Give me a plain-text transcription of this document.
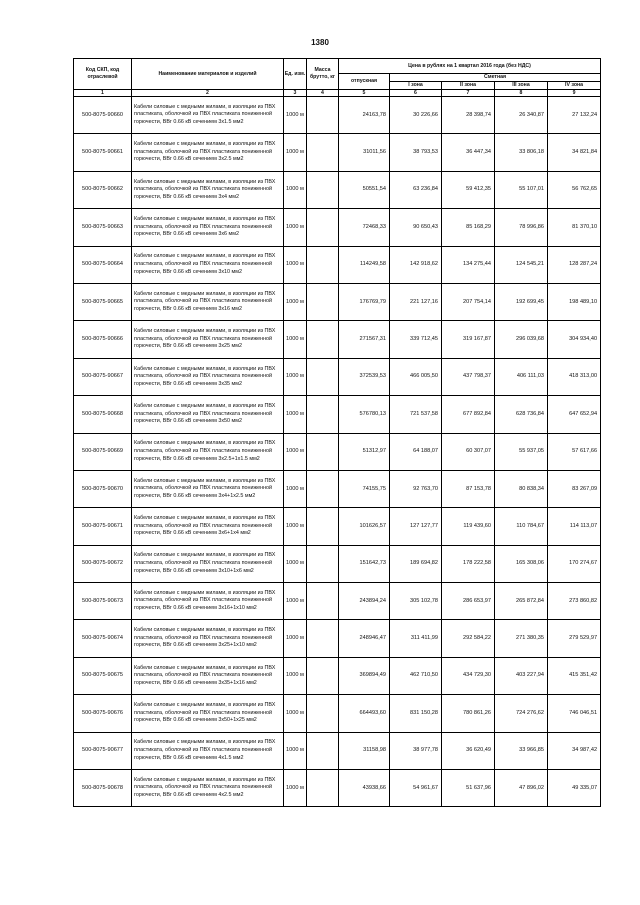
1380
Код СКП, код отраслевой	Наименование материалов и изделий	Ед. изм.	Масса брутто, кг	Цена в рублях на 1 квартал 2016 года (без НДС)				
				отпускная	Сметная			
					I зона	II зона	III зона	IV зона
1	2	3	4	5	6	7	8	9
500-8075-90660	Кабели силовые с медными жилами, в изоляции из ПВХ пластиката, оболочкой из ПВХ пластиката пониженной горючести, ВВг 0.66 кВ сечением 3х1.5 мм2	1000 м		24163,78	30 226,66	28 398,74	26 340,87	27 132,24
500-8075-90661	Кабели силовые с медными жилами, в изоляции из ПВХ пластиката, оболочкой из ПВХ пластиката пониженной горючести, ВВг 0.66 кВ сечением 3х2.5 мм2	1000 м		31011,56	38 793,53	36 447,34	33 806,18	34 821,84
500-8075-90662	Кабели силовые с медными жилами, в изоляции из ПВХ пластиката, оболочкой из ПВХ пластиката пониженной горючести, ВВг 0.66 кВ сечением 3х4 мм2	1000 м		50551,54	63 236,84	59 412,35	55 107,01	56 762,65
500-8075-90663	Кабели силовые с медными жилами, в изоляции из ПВХ пластиката, оболочкой из ПВХ пластиката пониженной горючести, ВВг 0.66 кВ сечением 3х6 мм2	1000 м		72468,33	90 650,43	85 168,29	78 996,86	81 370,10
500-8075-90664	Кабели силовые с медными жилами, в изоляции из ПВХ пластиката, оболочкой из ПВХ пластиката пониженной горючести, ВВг 0.66 кВ сечением 3х10 мм2	1000 м		114249,58	142 918,62	134 275,44	124 545,21	128 287,24
500-8075-90665	Кабели силовые с медными жилами, в изоляции из ПВХ пластиката, оболочкой из ПВХ пластиката пониженной горючести, ВВг 0.66 кВ сечением 3х16 мм2	1000 м		176769,79	221 127,16	207 754,14	192 699,45	198 489,10
500-8075-90666	Кабели силовые с медными жилами, в изоляции из ПВХ пластиката, оболочкой из ПВХ пластиката пониженной горючести, ВВг 0.66 кВ сечением 3х25 мм2	1000 м		271567,31	339 712,45	319 167,87	296 039,68	304 934,40
500-8075-90667	Кабели силовые с медными жилами, в изоляции из ПВХ пластиката, оболочкой из ПВХ пластиката пониженной горючести, ВВг 0.66 кВ сечением 3х35 мм2	1000 м		372539,53	466 005,50	437 798,37	406 111,03	418 313,00
500-8075-90668	Кабели силовые с медными жилами, в изоляции из ПВХ пластиката, оболочкой из ПВХ пластиката пониженной горючести, ВВг 0.66 кВ сечением 3х50 мм2	1000 м		576780,13	721 537,58	677 892,84	628 736,84	647 652,94
500-8075-90669	Кабели силовые с медными жилами, в изоляции из ПВХ пластиката, оболочкой из ПВХ пластиката пониженной горючести, ВВг 0.66 кВ сечением 3х2.5+1х1.5 мм2	1000 м		51312,97	64 188,07	60 307,07	55 937,05	57 617,66
500-8075-90670	Кабели силовые с медными жилами, в изоляции из ПВХ пластиката, оболочкой из ПВХ пластиката пониженной горючести, ВВг 0.66 кВ сечением 3х4+1х2.5 мм2	1000 м		74155,75	92 763,70	87 153,78	80 838,34	83 267,09
500-8075-90671	Кабели силовые с медными жилами, в изоляции из ПВХ пластиката, оболочкой из ПВХ пластиката пониженной горючести, ВВг 0.66 кВ сечением 3х6+1х4 мм2	1000 м		101626,57	127 127,77	119 439,60	110 784,67	114 113,07
500-8075-90672	Кабели силовые с медными жилами, в изоляции из ПВХ пластиката, оболочкой из ПВХ пластиката пониженной горючести, ВВг 0.66 кВ сечением 3х10+1х6 мм2	1000 м		151642,73	189 694,82	178 222,58	165 308,06	170 274,67
500-8075-90673	Кабели силовые с медными жилами, в изоляции из ПВХ пластиката, оболочкой из ПВХ пластиката пониженной горючести, ВВг 0.66 кВ сечением 3х16+1х10 мм2	1000 м		243894,24	305 102,78	286 653,97	265 872,84	273 860,82
500-8075-90674	Кабели силовые с медными жилами, в изоляции из ПВХ пластиката, оболочкой из ПВХ пластиката пониженной горючести, ВВг 0.66 кВ сечением 3х25+1х10 мм2	1000 м		248946,47	311 411,99	292 584,22	271 380,35	279 529,97
500-8075-90675	Кабели силовые с медными жилами, в изоляции из ПВХ пластиката, оболочкой из ПВХ пластиката пониженной горючести, ВВг 0.66 кВ сечением 3х35+1х16 мм2	1000 м		369894,49	462 710,50	434 729,30	403 227,94	415 351,42
500-8075-90676	Кабели силовые с медными жилами, в изоляции из ПВХ пластиката, оболочкой из ПВХ пластиката пониженной горючести, ВВг 0.66 кВ сечением 3х50+1х25 мм2	1000 м		664493,60	831 150,28	780 861,26	724 276,62	746 046,51
500-8075-90677	Кабели силовые с медными жилами, в изоляции из ПВХ пластиката, оболочкой из ПВХ пластиката пониженной горючести, ВВг 0.66 кВ сечением 4х1.5 мм2	1000 м		31158,98	38 977,78	36 620,49	33 966,85	34 987,42
500-8075-90678	Кабели силовые с медными жилами, в изоляции из ПВХ пластиката, оболочкой из ПВХ пластиката пониженной горючести, ВВг 0.66 кВ сечением 4х2.5 мм2	1000 м		43938,66	54 961,67	51 637,96	47 896,02	49 335,07
